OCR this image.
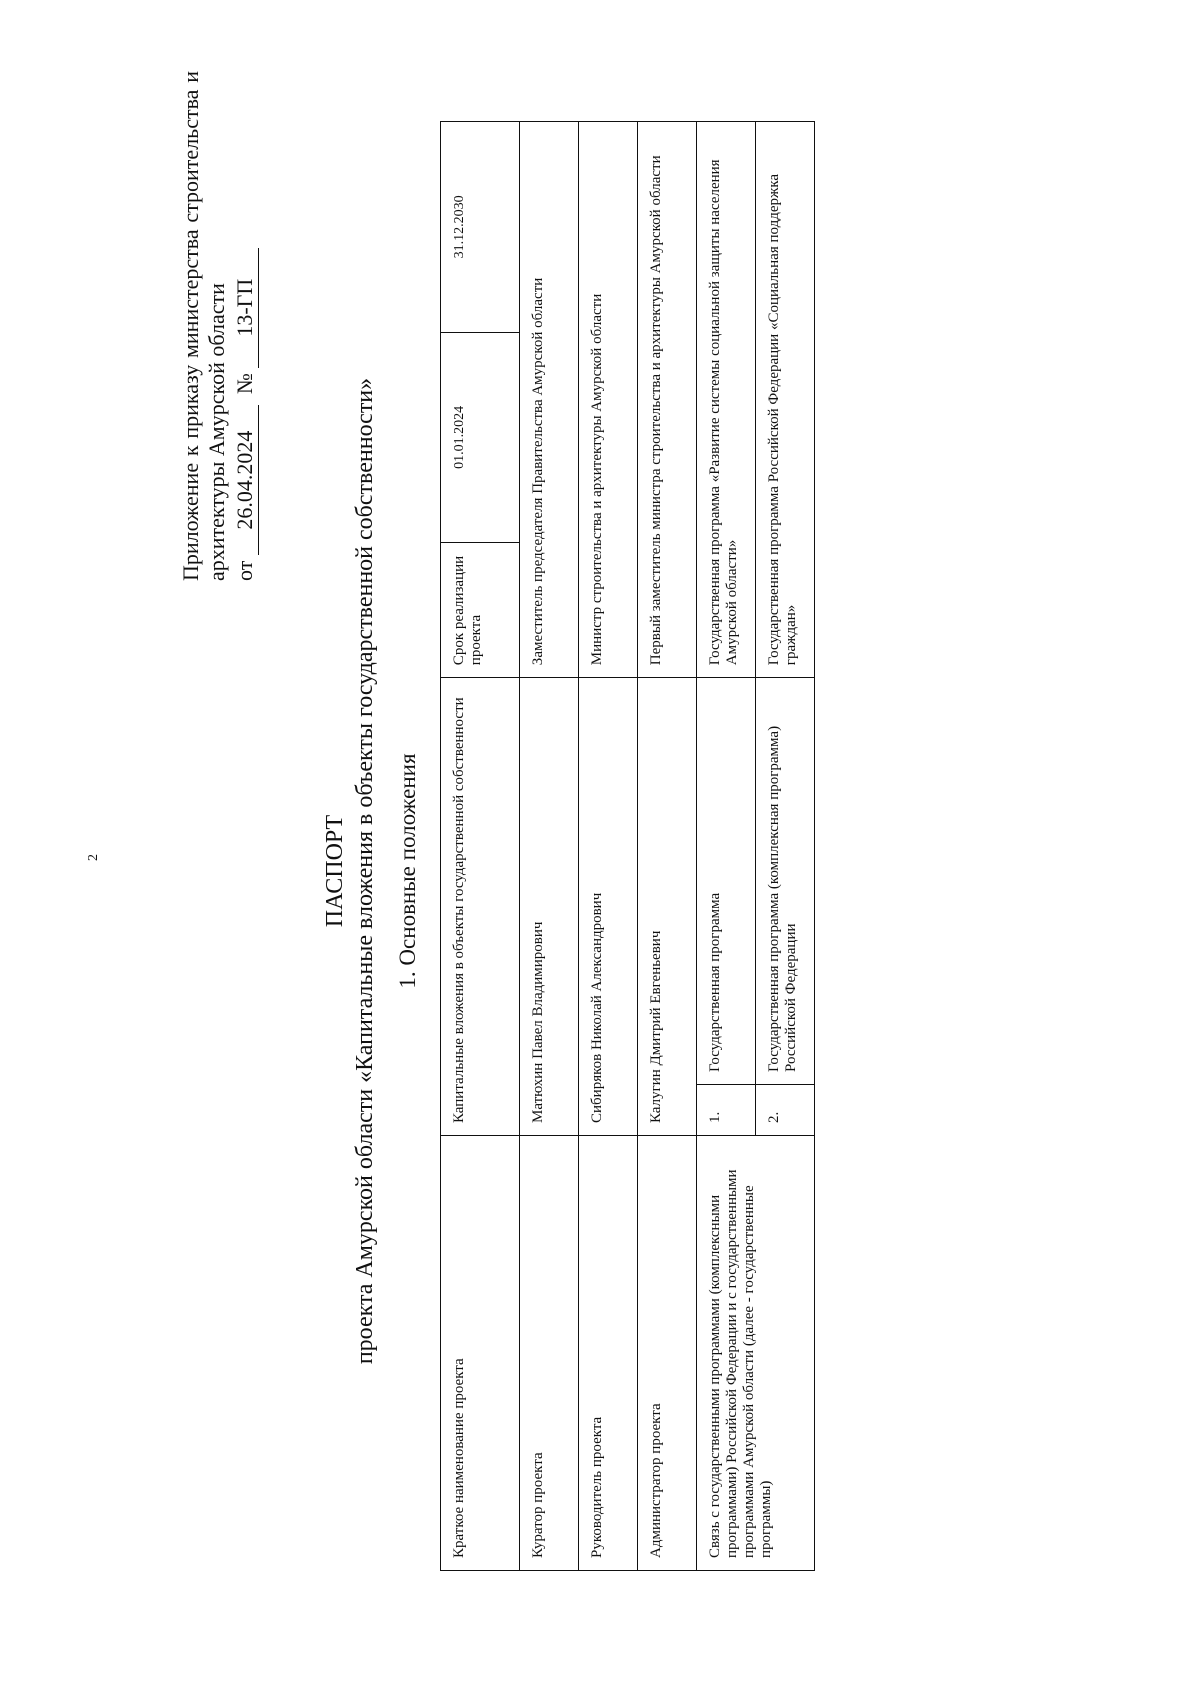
2
Приложение к приказу министерства строительства и архитектуры Амурской области от 26.04.2024  № 13-ГП
ПАСПОРТ проекта Амурской области «Капитальные вложения в объекты государственной собственности» 1. Основные положения
Краткое наименование проекта	Капитальные вложения в объекты государственной собственности		Срок реализации проекта	01.01.2024	31.12.2030
Куратор проекта	Матюхин Павел Владимирович		Заместитель председателя Правительства Амурской области		
Руководитель проекта	Сибиряков Николай Александрович		Министр строительства и архитектуры Амурской области		
Администратор проекта	Калугин Дмитрий Евгеньевич		Первый заместитель министра строительства и архитектуры Амурской области		
Связь с государственными программами (комплексными программами) Российской Федерации и с государственными программами Амурской области (далее - государственные программы)	1.	Государственная программа	Государственная программа «Развитие системы социальной защиты населения Амурской области»		
	2.	Государственная программа (комплексная программа) Российской Федерации	Государственная программа Российской Федерации «Социальная поддержка граждан»		
